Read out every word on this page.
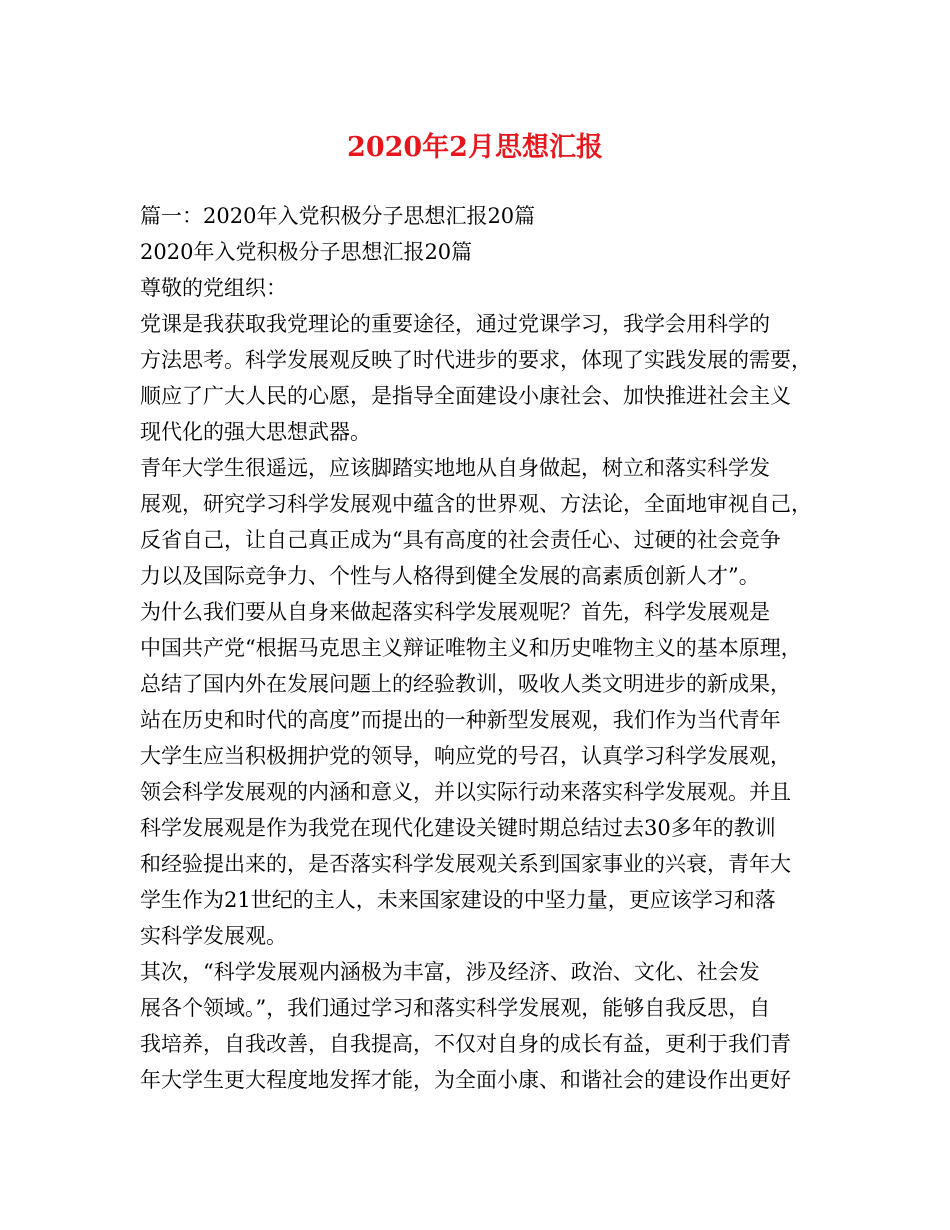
2020年2月思想汇报
篇一：2020年入党积极分子思想汇报20篇
2020年入党积极分子思想汇报20篇
尊敬的党组织：
党课是我获取我党理论的重要途径，通过党课学习，我学会用科学的
方法思考。科学发展观反映了时代进步的要求，体现了实践发展的需要，
顺应了广大人民的心愿，是指导全面建设小康社会、加快推进社会主义
现代化的强大思想武器。
青年大学生很遥远，应该脚踏实地地从自身做起，树立和落实科学发
展观，研究学习科学发展观中蕴含的世界观、方法论，全面地审视自己，
反省自己，让自己真正成为“具有高度的社会责任心、过硬的社会竞争
力以及国际竞争力、个性与人格得到健全发展的高素质创新人才”。
为什么我们要从自身来做起落实科学发展观呢？首先，科学发展观是
中国共产党“根据马克思主义辩证唯物主义和历史唯物主义的基本原理，
总结了国内外在发展问题上的经验教训，吸收人类文明进步的新成果，
站在历史和时代的高度”而提出的一种新型发展观，我们作为当代青年
大学生应当积极拥护党的领导，响应党的号召，认真学习科学发展观，
领会科学发展观的内涵和意义，并以实际行动来落实科学发展观。并且
科学发展观是作为我党在现代化建设关键时期总结过去30多年的教训
和经验提出来的，是否落实科学发展观关系到国家事业的兴衰，青年大
学生作为21世纪的主人，未来国家建设的中坚力量，更应该学习和落
实科学发展观。
其次，“科学发展观内涵极为丰富，涉及经济、政治、文化、社会发
展各个领域。”，我们通过学习和落实科学发展观，能够自我反思，自
我培养，自我改善，自我提高，不仅对自身的成长有益，更利于我们青
年大学生更大程度地发挥才能，为全面小康、和谐社会的建设作出更好
